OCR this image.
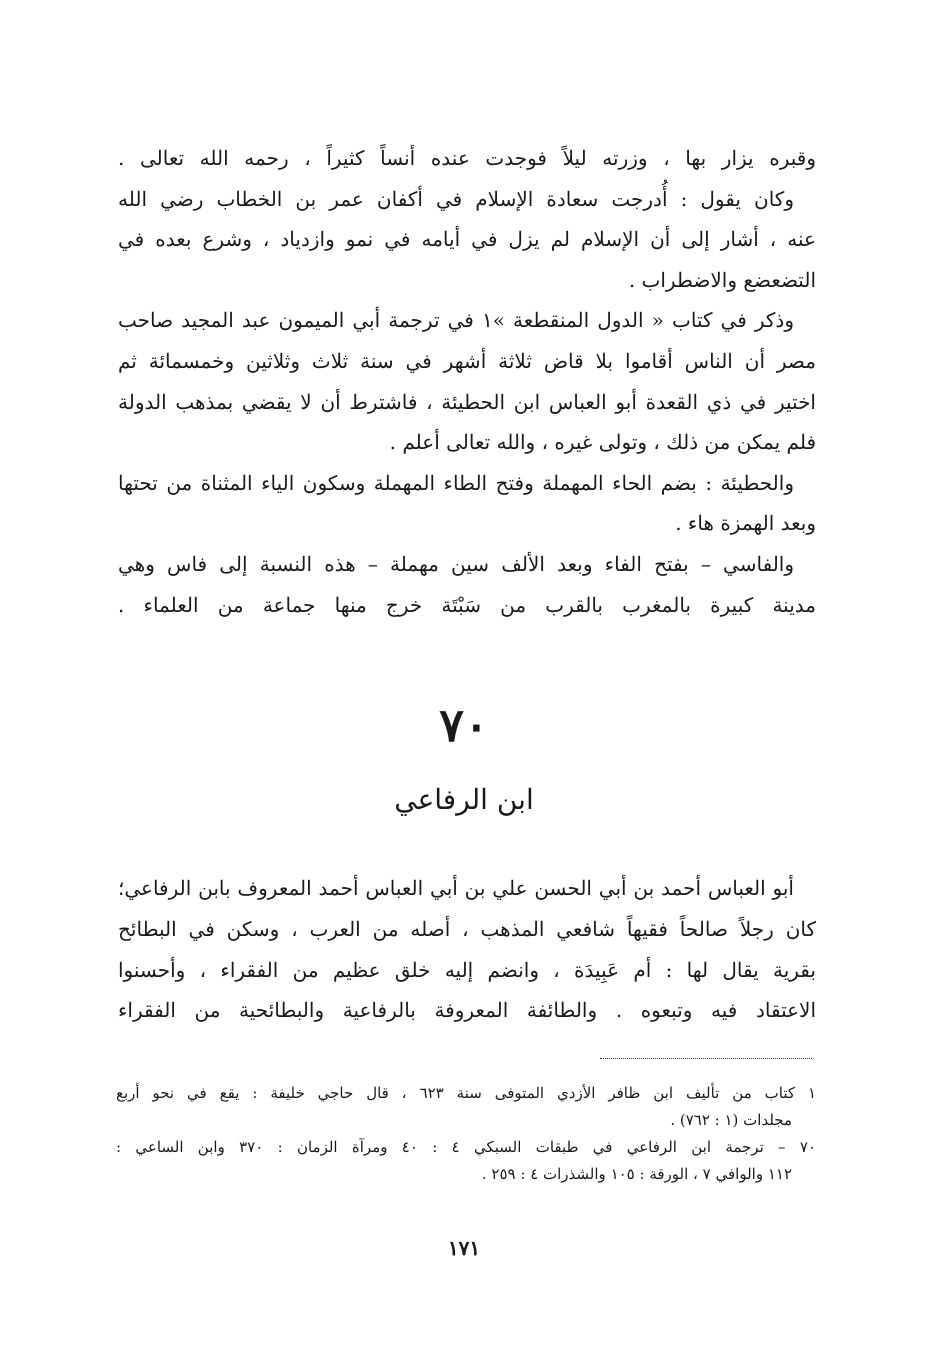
وقبره يزار بها ، وزرته ليلاً فوجدت عنده أنساً كثيراً ، رحمه الله تعالى .
وكان يقول : أُدرجت سعادة الإسلام في أكفان عمر بن الخطاب رضي الله
عنه ، أشار إلى أن الإسلام لم يزل في أيامه في نمو وازدياد ، وشرع بعده في
التضعضع والاضطراب .
وذكر في كتاب « الدول المنقطعة »١ في ترجمة أبي الميمون عبد المجيد صاحب
مصر أن الناس أقاموا بلا قاض ثلاثة أشهر في سنة ثلاث وثلاثين وخمسمائة ثم
اختير في ذي القعدة أبو العباس ابن الحطيئة ، فاشترط أن لا يقضي بمذهب الدولة
فلم يمكن من ذلك ، وتولى غيره ، والله تعالى أعلم .
والحطيئة : بضم الحاء المهملة وفتح الطاء المهملة وسكون الياء المثناة من تحتها
وبعد الهمزة هاء .
والفاسي – بفتح الفاء وبعد الألف سين مهملة – هذه النسبة إلى فاس وهي
مدينة كبيرة بالمغرب بالقرب من سَبْتَة خرج منها جماعة من العلماء .
٧٠
ابن الرفاعي
أبو العباس أحمد بن أبي الحسن علي بن أبي العباس أحمد المعروف بابن الرفاعي؛
كان رجلاً صالحاً فقيهاً شافعي المذهب ، أصله من العرب ، وسكن في البطائح
بقرية يقال لها : أم عَبِيدَة ، وانضم إليه خلق عظيم من الفقراء ، وأحسنوا
الاعتقاد فيه وتبعوه . والطائفة المعروفة بالرفاعية والبطائحية من الفقراء
١ كتاب من تأليف ابن ظافر الأزدي المتوفى سنة ٦٢٣ ، قال حاجي خليفة : يقع في نحو أربع
مجلدات (١ : ٧٦٢) .
٧٠ – ترجمة ابن الرفاعي في طبقات السبكي ٤ : ٤٠ ومرآة الزمان : ٣٧٠ وابن الساعي :
١١٢ والوافي ٧ ، الورقة : ١٠٥ والشذرات ٤ : ٢٥٩ .
١٧١
